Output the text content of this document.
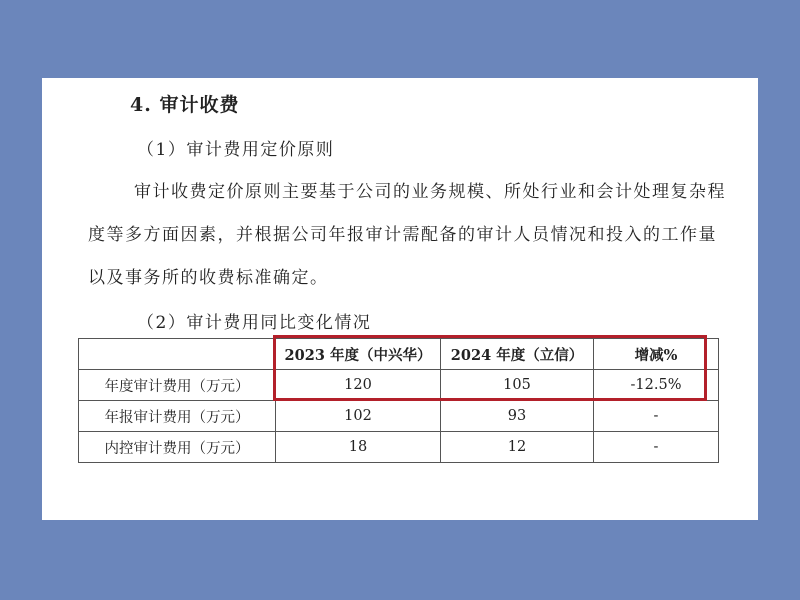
4. 审计收费

（1）审计费用定价原则

审计收费定价原则主要基于公司的业务规模、所处行业和会计处理复杂程度等多方面因素，并根据公司年报审计需配备的审计人员情况和投入的工作量以及事务所的收费标准确定。

（2）审计费用同比变化情况

	2023 年度（中兴华）	2024 年度（立信）	增减%
年度审计费用（万元）	120	105	-12.5%
年报审计费用（万元）	102	93	-
内控审计费用（万元）	18	12	-
